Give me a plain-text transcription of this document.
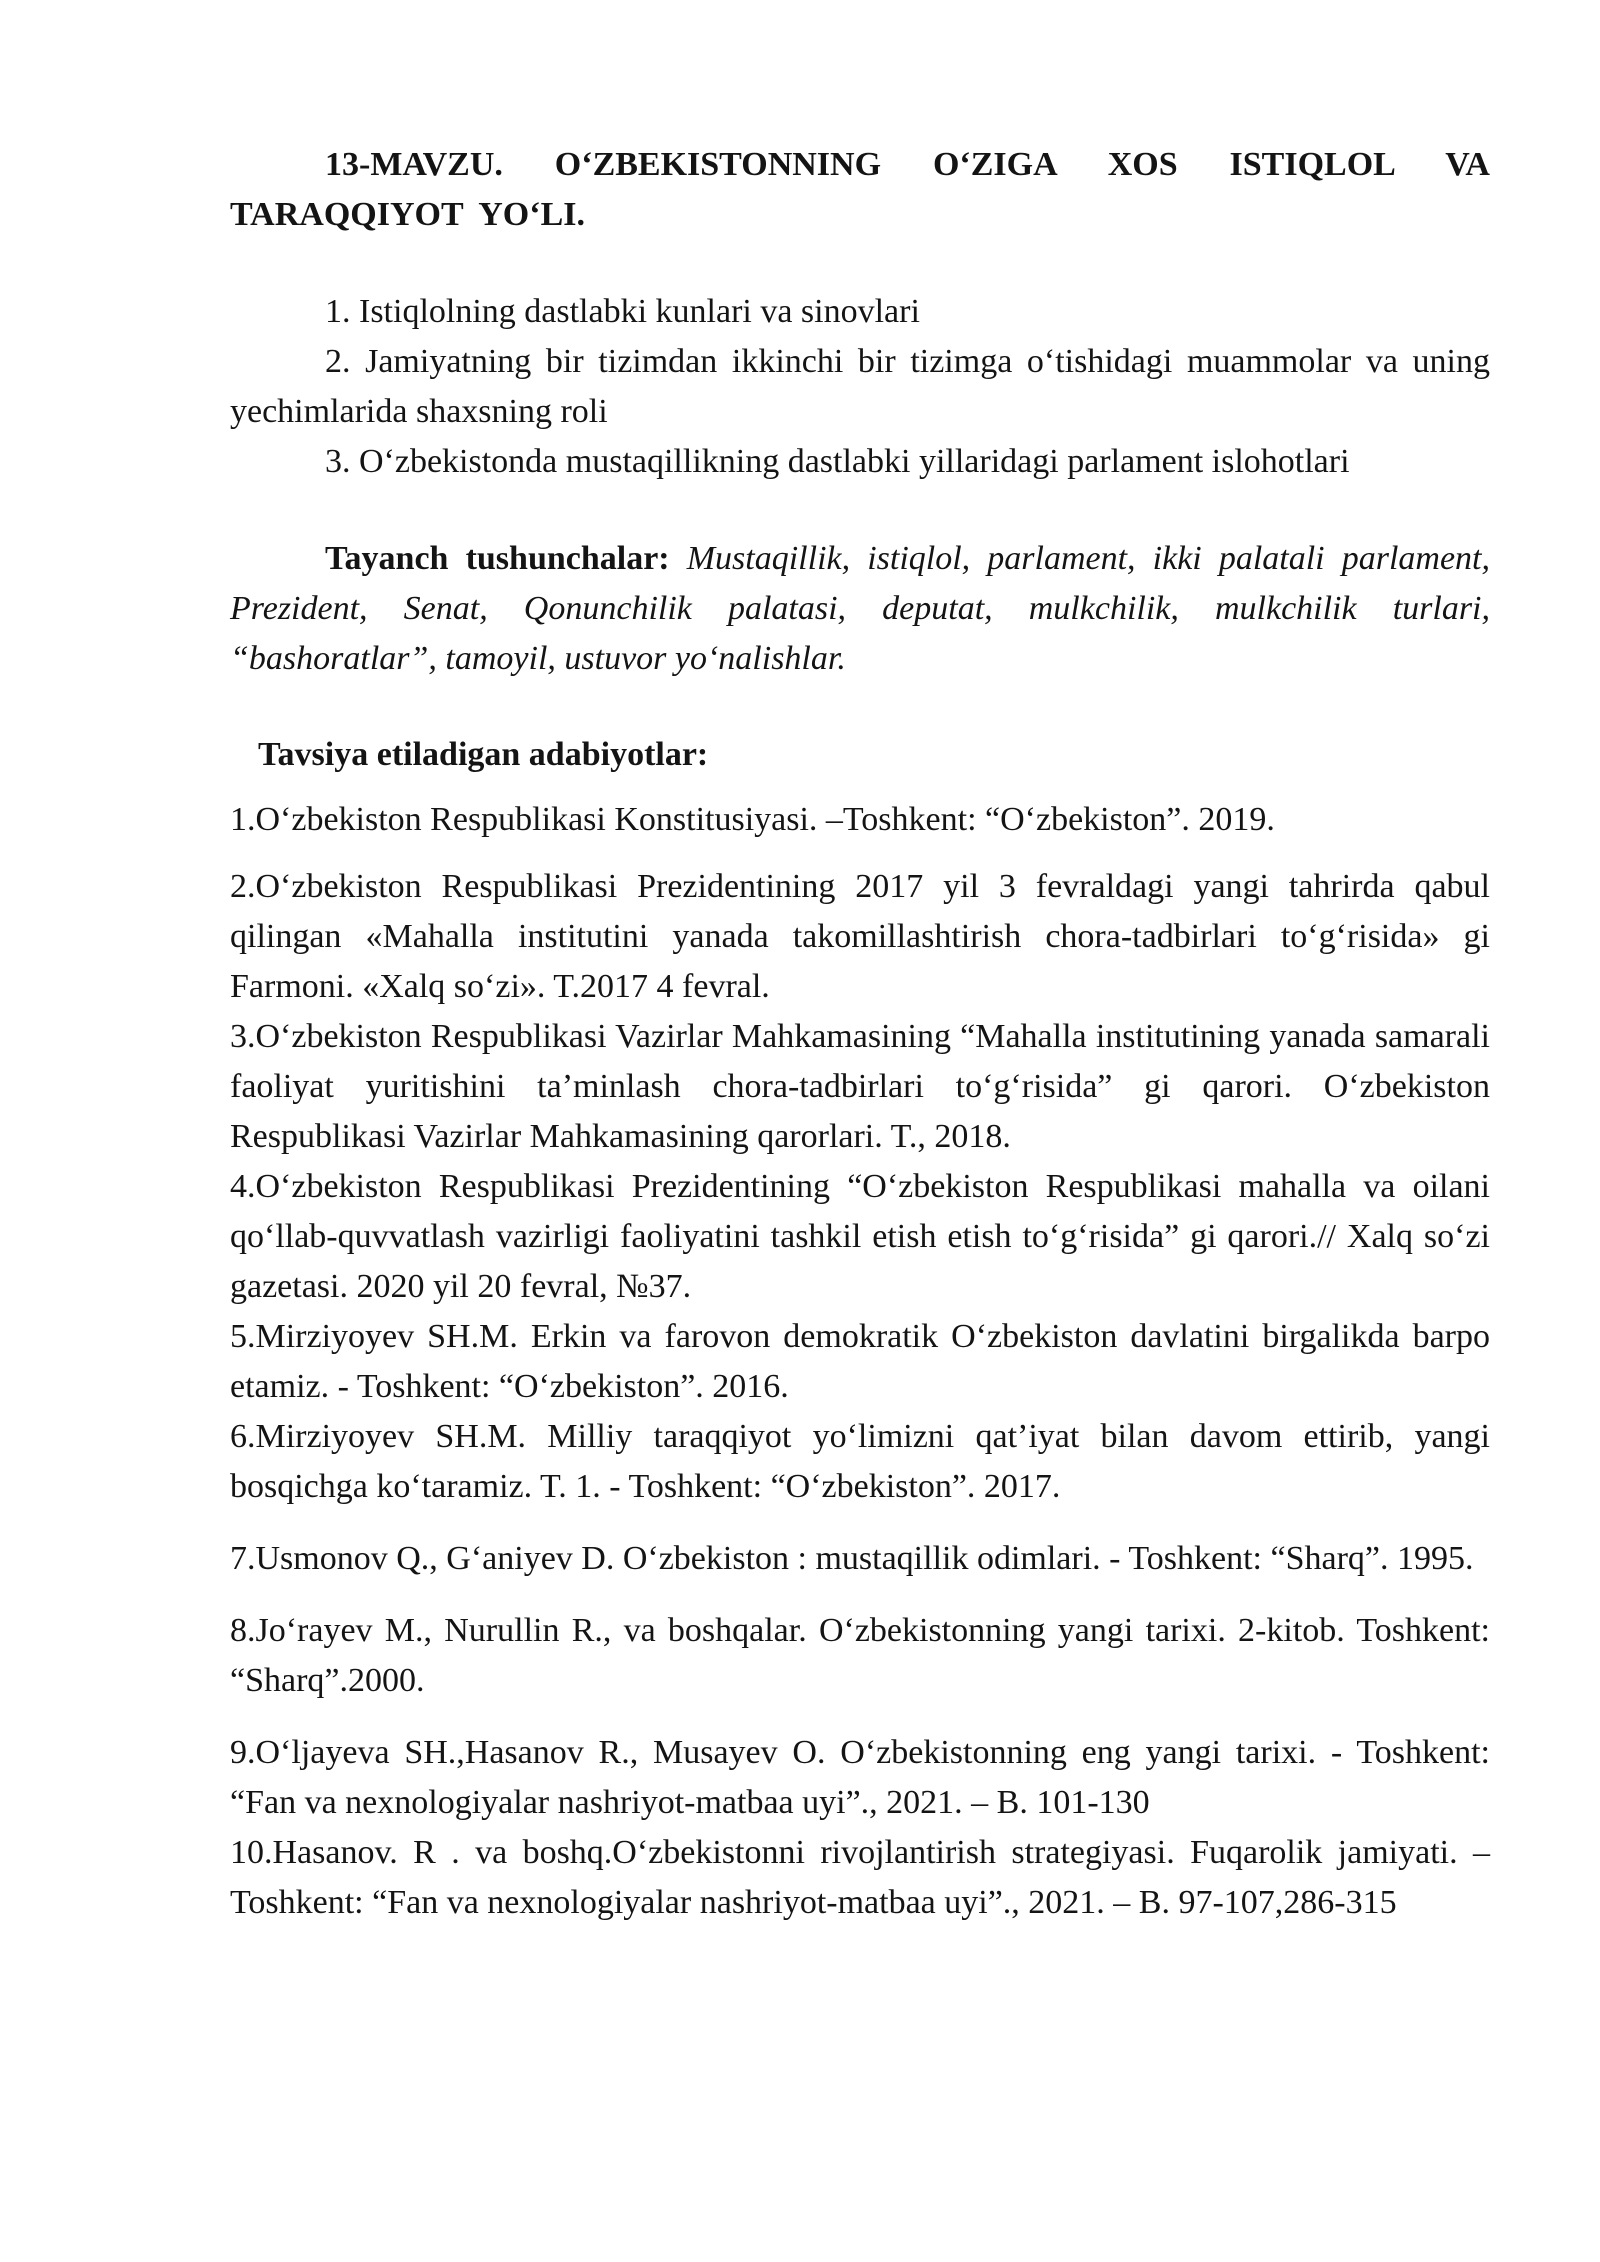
13-MAVZU. O‘ZBEKISTONNING O‘ZIGA XOS ISTIQLOL VA TARAQQIYOT YO‘LI.

1. Istiqlolning dastlabki kunlari va sinovlari

2. Jamiyatning bir tizimdan ikkinchi bir tizimga o‘tishidagi muammolar va uning yechimlarida shaxsning roli

3. O‘zbekistonda mustaqillikning dastlabki yillaridagi parlament islohotlari

Tayanch tushunchalar: Mustaqillik, istiqlol, parlament, ikki palatali parlament, Prezident, Senat, Qonunchilik palatasi, deputat, mulkchilik, mulkchilik turlari, “bashoratlar”, tamoyil, ustuvor yo‘nalishlar.

Tavsiya etiladigan adabiyotlar:

1.O‘zbekiston Respublikasi Konstitusiyasi. –Toshkent: “O‘zbekiston”. 2019.

2.O‘zbekiston Respublikasi Prezidentining 2017 yil 3 fevraldagi yangi tahrirda qabul qilingan «Mahalla institutini yanada takomillashtirish chora-tadbirlari to‘g‘risida» gi Farmoni. «Xalq so‘zi». T.2017 4 fevral.

3.O‘zbekiston Respublikasi Vazirlar Mahkamasining “Mahalla institutining yanada samarali faoliyat yuritishini ta’minlash chora-tadbirlari to‘g‘risida” gi qarori. O‘zbekiston Respublikasi Vazirlar Mahkamasining qarorlari. T., 2018.

4.O‘zbekiston Respublikasi Prezidentining “O‘zbekiston Respublikasi mahalla va oilani qo‘llab-quvvatlash vazirligi faoliyatini tashkil etish etish to‘g‘risida” gi qarori.// Xalq so‘zi gazetasi. 2020 yil 20 fevral, №37.

5.Mirziyoyev SH.M. Erkin va farovon demokratik O‘zbekiston davlatini birgalikda barpo etamiz. - Toshkent: “O‘zbekiston”. 2016.

6.Mirziyoyev SH.M. Milliy taraqqiyot yo‘limizni qat’iyat bilan davom ettirib, yangi bosqichga ko‘taramiz. T. 1. - Toshkent: “O‘zbekiston”. 2017.

7.Usmonov Q., G‘aniyev D. O‘zbekiston : mustaqillik odimlari. - Toshkent: “Sharq”. 1995.

8.Jo‘rayev M., Nurullin R., va boshqalar. O‘zbekistonning yangi tarixi. 2-kitob. Toshkent: “Sharq”.2000.

9.O‘ljayeva SH.,Hasanov R., Musayev O. O‘zbekistonning eng yangi tarixi. - Toshkent: “Fan va nexnologiyalar nashriyot-matbaa uyi”., 2021. – B. 101-130

10.Hasanov. R . va boshq.O‘zbekistonni rivojlantirish strategiyasi. Fuqarolik jamiyati. – Toshkent: “Fan va nexnologiyalar nashriyot-matbaa uyi”., 2021. – B. 97-107,286-315
